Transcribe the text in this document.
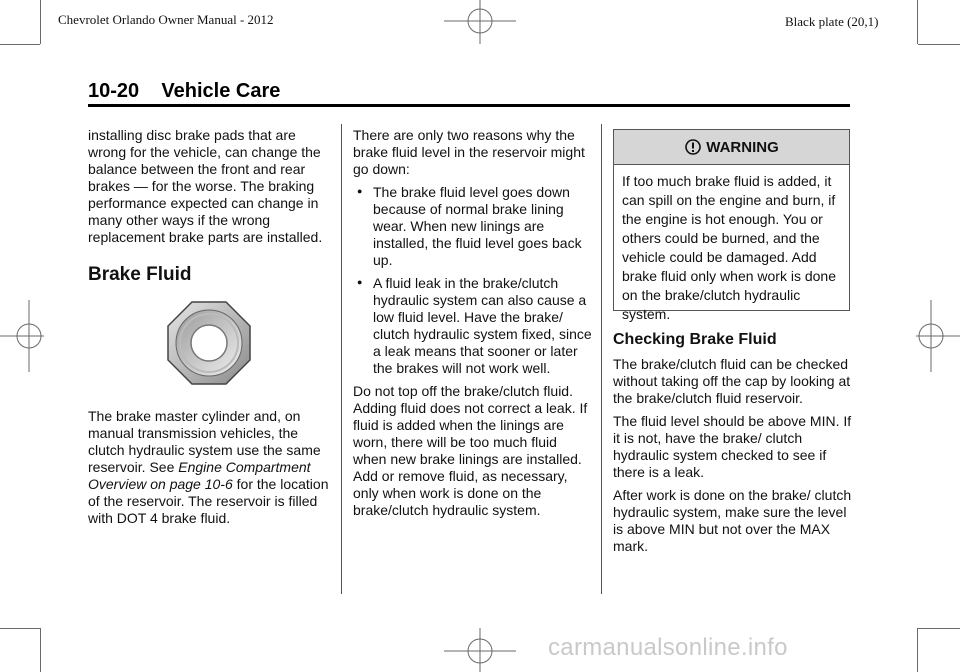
Chevrolet Orlando Owner Manual - 2012	Black plate (20,1)
10-20 Vehicle Care

installing disc brake pads that are wrong for the vehicle, can change the balance between the front and rear brakes — for the worse. The braking performance expected can change in many other ways if the wrong replacement brake parts are installed.

Brake Fluid

The brake master cylinder and, on manual transmission vehicles, the clutch hydraulic system use the same reservoir. See Engine Compartment Overview on page 10-6 for the location of the reservoir. The reservoir is filled with DOT 4 brake fluid.

There are only two reasons why the brake fluid level in the reservoir might go down:

● The brake fluid level goes down because of normal brake lining wear. When new linings are installed, the fluid level goes back up.
● A fluid leak in the brake/clutch hydraulic system can also cause a low fluid level. Have the brake/ clutch hydraulic system fixed, since a leak means that sooner or later the brakes will not work well.

Do not top off the brake/clutch fluid. Adding fluid does not correct a leak. If fluid is added when the linings are worn, there will be too much fluid when new brake linings are installed. Add or remove fluid, as necessary, only when work is done on the brake/clutch hydraulic system.

WARNING
If too much brake fluid is added, it can spill on the engine and burn, if the engine is hot enough. You or others could be burned, and the vehicle could be damaged. Add brake fluid only when work is done on the brake/clutch hydraulic system.
Checking Brake Fluid

The brake/clutch fluid can be checked without taking off the cap by looking at the brake/clutch fluid reservoir.

The fluid level should be above MIN. If it is not, have the brake/ clutch hydraulic system checked to see if there is a leak.

After work is done on the brake/ clutch hydraulic system, make sure the level is above MIN but not over the MAX mark.

carmanualsonline.info
